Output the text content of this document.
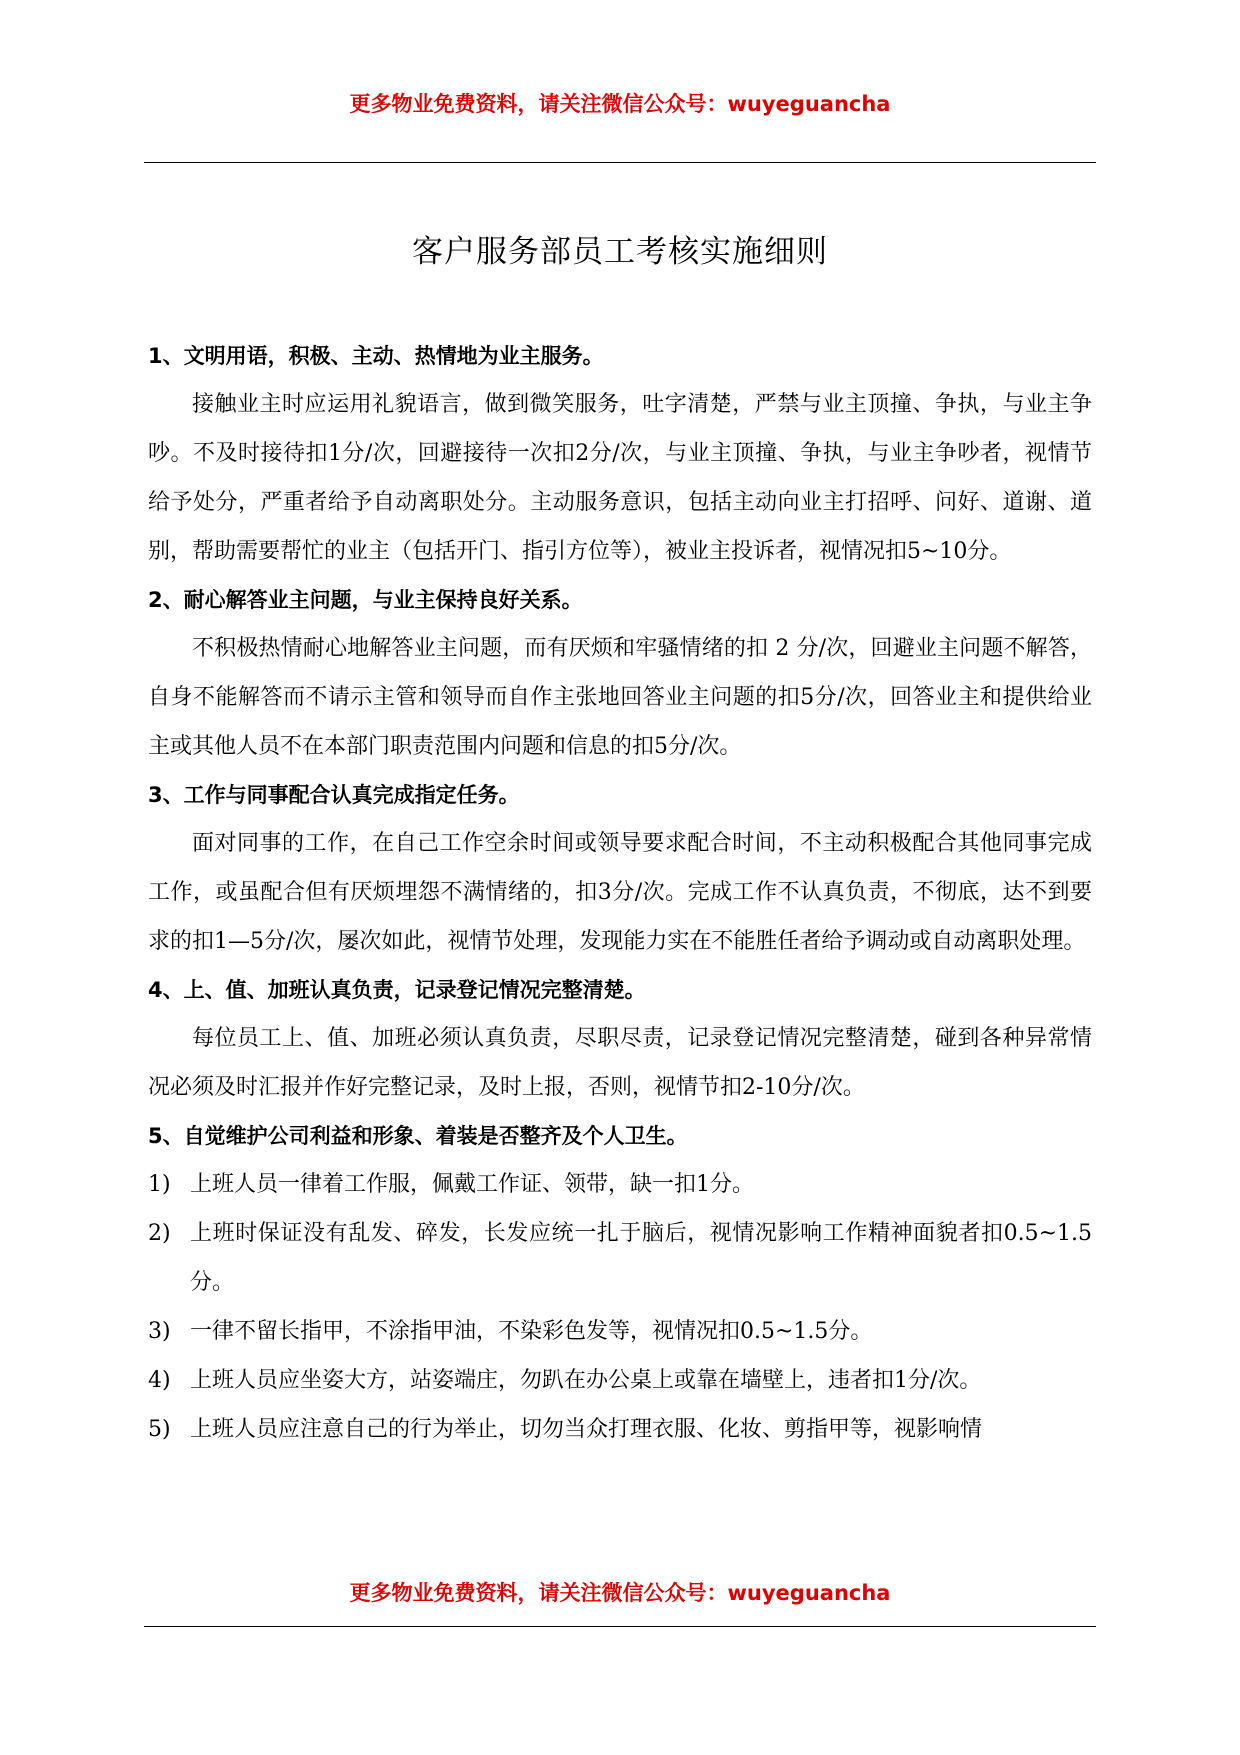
更多物业免费资料，请关注微信公众号：wuyeguancha
客户服务部员工考核实施细则
1、文明用语，积极、主动、热情地为业主服务。

接触业主时应运用礼貌语言，做到微笑服务，吐字清楚，严禁与业主顶撞、争执，与业主争吵。不及时接待扣1分/次，回避接待一次扣2分/次，与业主顶撞、争执，与业主争吵者，视情节给予处分，严重者给予自动离职处分。主动服务意识，包括主动向业主打招呼、问好、道谢、道别，帮助需要帮忙的业主（包括开门、指引方位等），被业主投诉者，视情况扣5~10分。

2、耐心解答业主问题，与业主保持良好关系。

不积极热情耐心地解答业主问题，而有厌烦和牢骚情绪的扣 2 分/次，回避业主问题不解答，自身不能解答而不请示主管和领导而自作主张地回答业主问题的扣5分/次，回答业主和提供给业主或其他人员不在本部门职责范围内问题和信息的扣5分/次。

3、工作与同事配合认真完成指定任务。

面对同事的工作，在自己工作空余时间或领导要求配合时间，不主动积极配合其他同事完成工作，或虽配合但有厌烦埋怨不满情绪的，扣3分/次。完成工作不认真负责，不彻底，达不到要求的扣1—5分/次，屡次如此，视情节处理，发现能力实在不能胜任者给予调动或自动离职处理。

4、上、值、加班认真负责，记录登记情况完整清楚。

每位员工上、值、加班必须认真负责，尽职尽责，记录登记情况完整清楚，碰到各种异常情况必须及时汇报并作好完整记录，及时上报，否则，视情节扣2-10分/次。

5、自觉维护公司利益和形象、着装是否整齐及个人卫生。
1) 上班人员一律着工作服，佩戴工作证、领带，缺一扣1分。
2) 上班时保证没有乱发、碎发，长发应统一扎于脑后，视情况影响工作精神面貌者扣0.5~1.5分。
3) 一律不留长指甲，不涂指甲油，不染彩色发等，视情况扣0.5~1.5分。
4) 上班人员应坐姿大方，站姿端庄，勿趴在办公桌上或靠在墙壁上，违者扣1分/次。
5) 上班人员应注意自己的行为举止，切勿当众打理衣服、化妆、剪指甲等，视影响情
更多物业免费资料，请关注微信公众号：wuyeguancha
